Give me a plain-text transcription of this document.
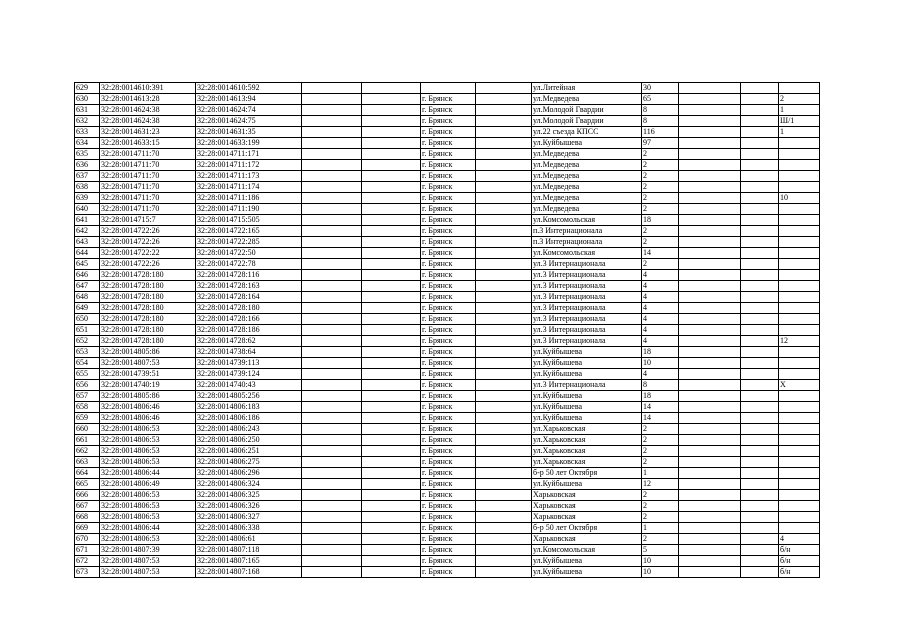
629	32:28:0014610:391	32:28:0014610:592					ул.Литейная	30			
630	32:28:0014613:28	32:28:0014613:94			г. Брянск		ул.Медведева	65			2
631	32:28:0014624:38	32:28:0014624:74			г. Брянск		ул.Молодой Гвардии	8			1
632	32:28:0014624:38	32:28:0014624:75			г. Брянск		ул.Молодой Гвардии	8			Ш/1
633	32:28:0014631:23	32:28:0014631:35			г. Брянск		ул.22 съезда КПСС	116			1
634	32:28:0014633:15	32:28:0014633:199			г. Брянск		ул.Куйбышева	97			
635	32:28:0014711:70	32:28:0014711:171			г. Брянск		ул.Медведева	2			
636	32:28:0014711:70	32:28:0014711:172			г. Брянск		ул.Медведева	2			
637	32:28:0014711:70	32:28:0014711:173			г. Брянск		ул.Медведева	2			
638	32:28:0014711:70	32:28:0014711:174			г. Брянск		ул.Медведева	2			
639	32:28:0014711:70	32:28:0014711:186			г. Брянск		ул.Медведева	2			10
640	32:28:0014711:70	32:28:0014711:190			г. Брянск		ул.Медведева	2			
641	32:28:0014715:7	32:28:0014715:505			г. Брянск		ул.Комсомольская	18			
642	32:28:0014722:26	32:28:0014722:165			г. Брянск		п.3 Интернационала	2			
643	32:28:0014722:26	32:28:0014722:285			г. Брянск		п.3 Интернационала	2			
644	32:28:0014722:22	32:28:0014722:50			г. Брянск		ул.Комсомольская	14			
645	32:28:0014722:26	32:28:0014722:78			г. Брянск		ул.3 Интернационала	2			
646	32:28:0014728:180	32:28:0014728:116			г. Брянск		ул.3 Интернационала	4			
647	32:28:0014728:180	32:28:0014728:163			г. Брянск		ул.3 Интернационала	4			
648	32:28:0014728:180	32:28:0014728:164			г. Брянск		ул.3 Интернационала	4			
649	32:28:0014728:180	32:28:0014728:180			г. Брянск		ул.3 Интернационала	4			
650	32:28:0014728:180	32:28:0014728:166			г. Брянск		ул.3 Интернационала	4			
651	32:28:0014728:180	32:28:0014728:186			г. Брянск		ул.3 Интернационала	4			
652	32:28:0014728:180	32:28:0014728:62			г. Брянск		ул.3 Интернационала	4			12
653	32:28:0014805:86	32:28:0014738:64			г. Брянск		ул.Куйбышева	18			
654	32:28:0014807:53	32:28:0014739:113			г. Брянск		ул.Куйбышева	10			
655	32:28:0014739:51	32:28:0014739:124			г. Брянск		ул.Куйбышева	4			
656	32:28:0014740:19	32:28:0014740:43			г. Брянск		ул.3 Интернационала	8			Х
657	32:28:0014805:86	32:28:0014805:256			г. Брянск		ул.Куйбышева	18			
658	32:28:0014806:46	32:28:0014806:183			г. Брянск		ул.Куйбышева	14			
659	32:28:0014806:46	32:28:0014806:186			г. Брянск		ул.Куйбышева	14			
660	32:28:0014806:53	32:28:0014806:243			г. Брянск		ул.Харьковская	2			
661	32:28:0014806:53	32:28:0014806:250			г. Брянск		ул.Харьковская	2			
662	32:28:0014806:53	32:28:0014806:251			г. Брянск		ул.Харьковская	2			
663	32:28:0014806:53	32:28:0014806:275			г. Брянск		ул.Харьковская	2			
664	32:28:0014806:44	32:28:0014806:296			г. Брянск		б-р 50 лет Октября	1			
665	32:28:0014806:49	32:28:0014806:324			г. Брянск		ул.Куйбышева	12			
666	32:28:0014806:53	32:28:0014806:325			г. Брянск		Харьковская	2			
667	32:28:0014806:53	32:28:0014806:326			г. Брянск		Харьковская	2			
668	32:28:0014806:53	32:28:0014806:327			г. Брянск		Харьковская	2			
669	32:28:0014806:44	32:28:0014806:338			г. Брянск		б-р 50 лет Октября	1			
670	32:28:0014806:53	32:28:0014806:61			г. Брянск		Харьковская	2			4
671	32:28:0014807:39	32:28:0014807:118			г. Брянск		ул.Комсомольская	5			б/н
672	32:28:0014807:53	32:28:0014807:165			г. Брянск		ул.Куйбышева	10			б/н
673	32:28:0014807:53	32:28:0014807:168			г. Брянск		ул.Куйбышева	10			б/н
